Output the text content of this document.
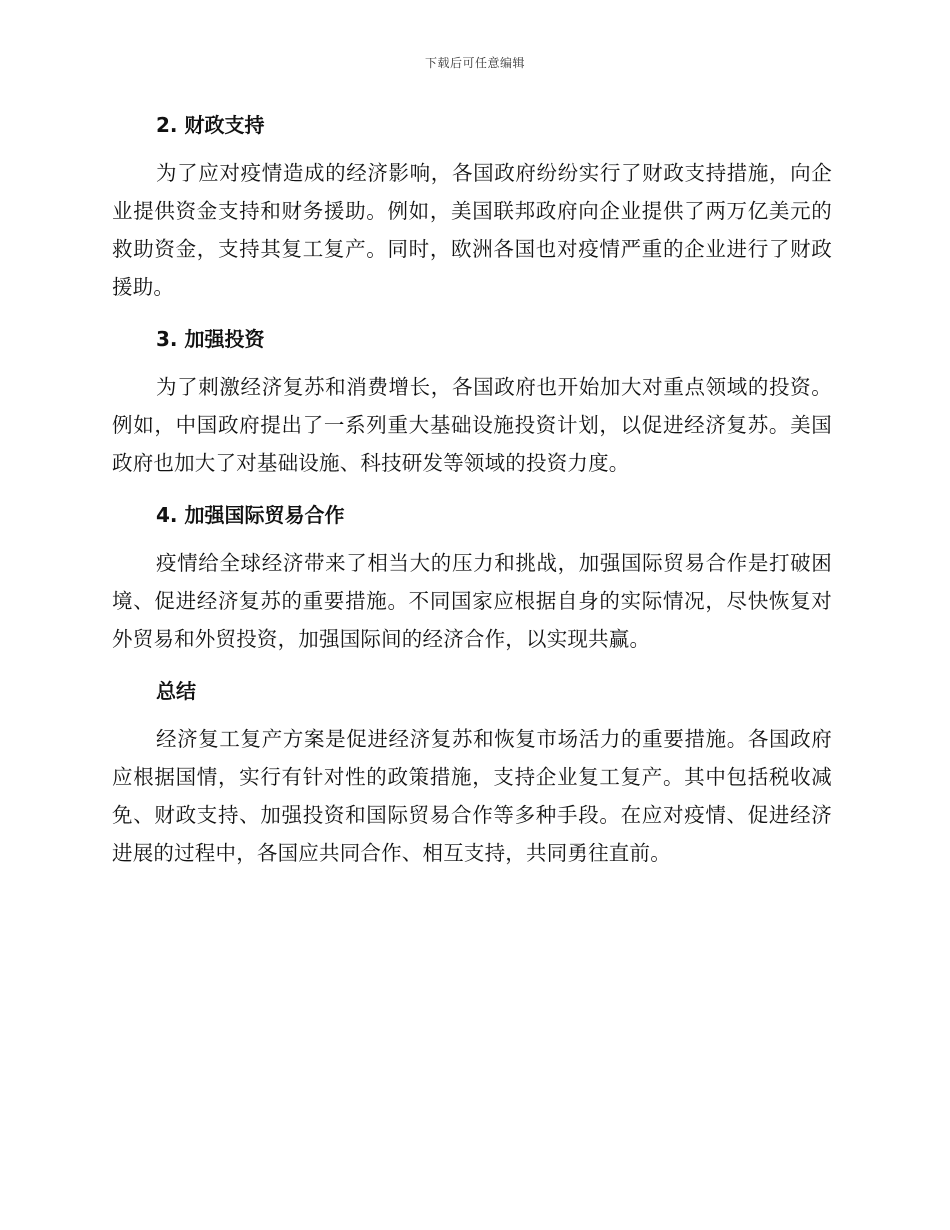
下载后可任意编辑
2. 财政支持

为了应对疫情造成的经济影响，各国政府纷纷实行了财政支持措施，向企业提供资金支持和财务援助。例如，美国联邦政府向企业提供了两万亿美元的救助资金，支持其复工复产。同时，欧洲各国也对疫情严重的企业进行了财政援助。

3. 加强投资

为了刺激经济复苏和消费增长，各国政府也开始加大对重点领域的投资。例如，中国政府提出了一系列重大基础设施投资计划，以促进经济复苏。美国政府也加大了对基础设施、科技研发等领域的投资力度。

4. 加强国际贸易合作

疫情给全球经济带来了相当大的压力和挑战，加强国际贸易合作是打破困境、促进经济复苏的重要措施。不同国家应根据自身的实际情况，尽快恢复对外贸易和外贸投资，加强国际间的经济合作，以实现共赢。

总结

经济复工复产方案是促进经济复苏和恢复市场活力的重要措施。各国政府应根据国情，实行有针对性的政策措施，支持企业复工复产。其中包括税收减免、财政支持、加强投资和国际贸易合作等多种手段。在应对疫情、促进经济进展的过程中，各国应共同合作、相互支持，共同勇往直前。
